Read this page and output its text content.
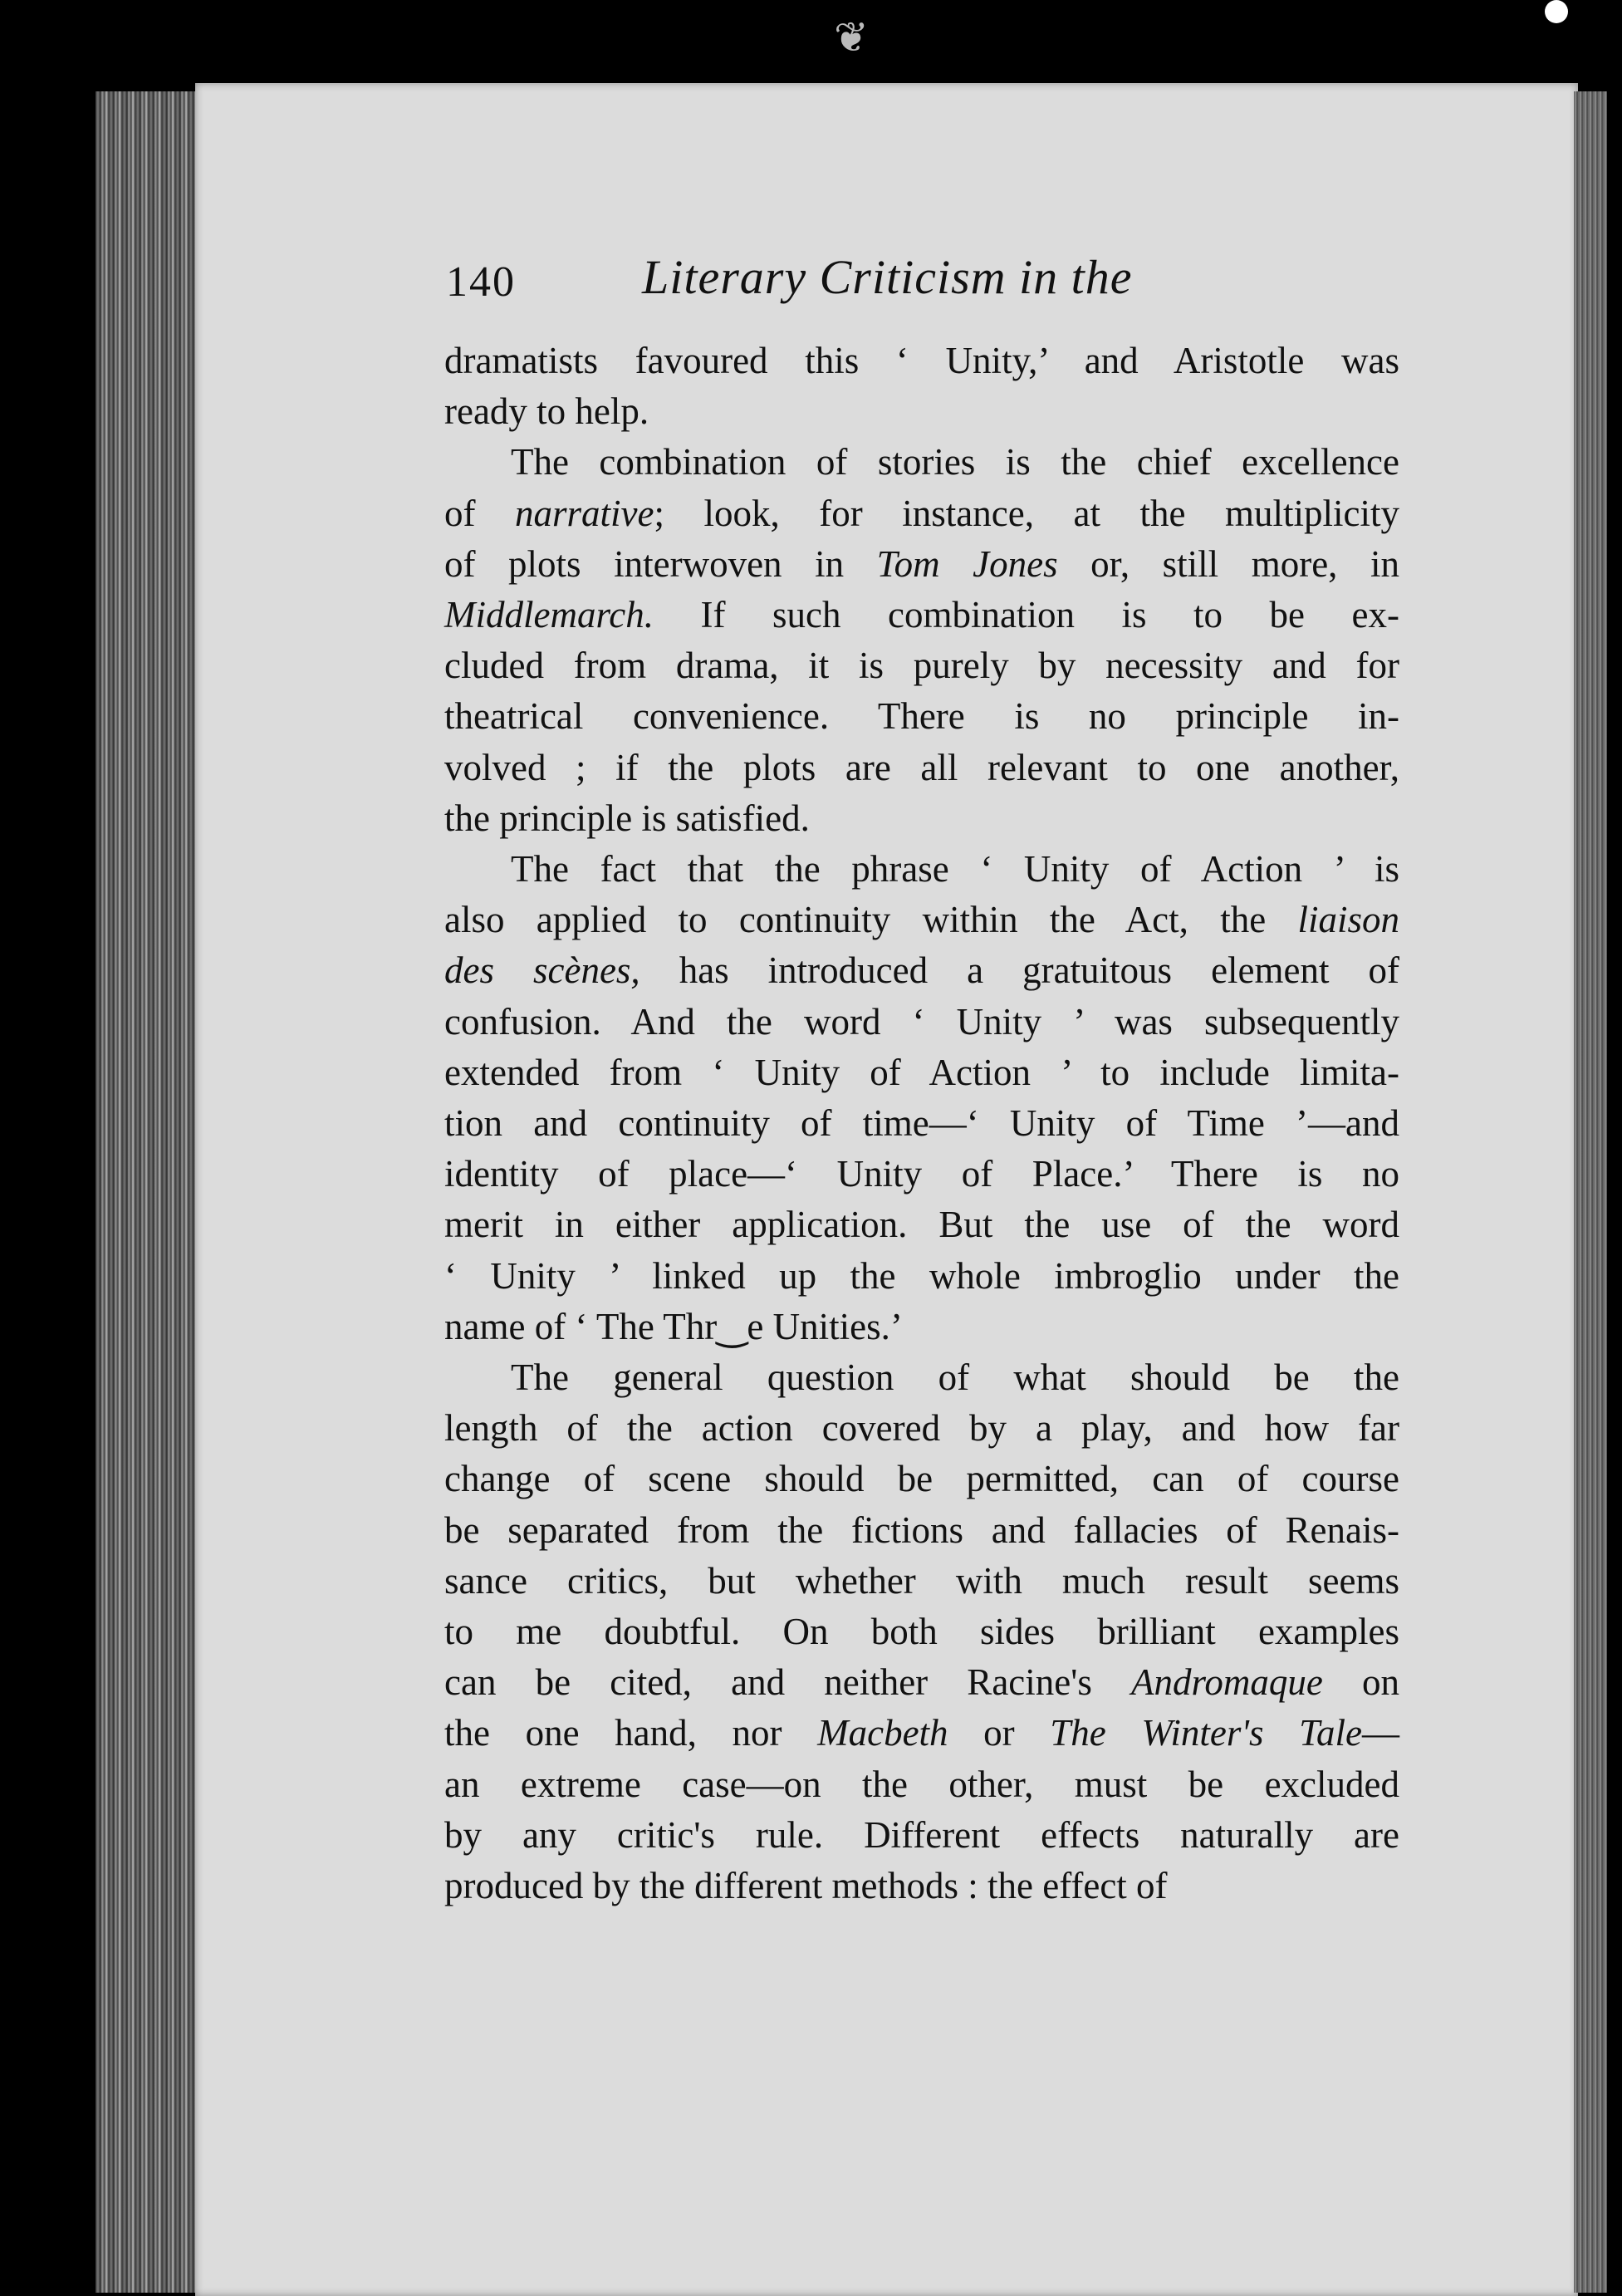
❦
140	Literary Criticism in the
dramatists favoured this ‘ Unity,’ and Aristotle was
ready to help.
The combination of stories is the chief excellence
of narrative; look, for instance, at the multiplicity
of plots interwoven in Tom Jones or, still more, in
Middlemarch. If such combination is to be ex-
cluded from drama, it is purely by necessity and for
theatrical convenience. There is no principle in-
volved ; if the plots are all relevant to one another,
the principle is satisfied.
The fact that the phrase ‘ Unity of Action ’ is
also applied to continuity within the Act, the liaison
des scènes, has introduced a gratuitous element of
confusion. And the word ‘ Unity ’ was subsequently
extended from ‘ Unity of Action ’ to include limita-
tion and continuity of time—‘ Unity of Time ’—and
identity of place—‘ Unity of Place.’ There is no
merit in either application. But the use of the word
‘ Unity ’ linked up the whole imbroglio under the
name of ‘ The Thr‿e Unities.’
The general question of what should be the
length of the action covered by a play, and how far
change of scene should be permitted, can of course
be separated from the fictions and fallacies of Renais-
sance critics, but whether with much result seems
to me doubtful. On both sides brilliant examples
can be cited, and neither Racine's Andromaque on
the one hand, nor Macbeth or The Winter's Tale—
an extreme case—on the other, must be excluded
by any critic's rule. Different effects naturally are
produced by the different methods : the effect of
